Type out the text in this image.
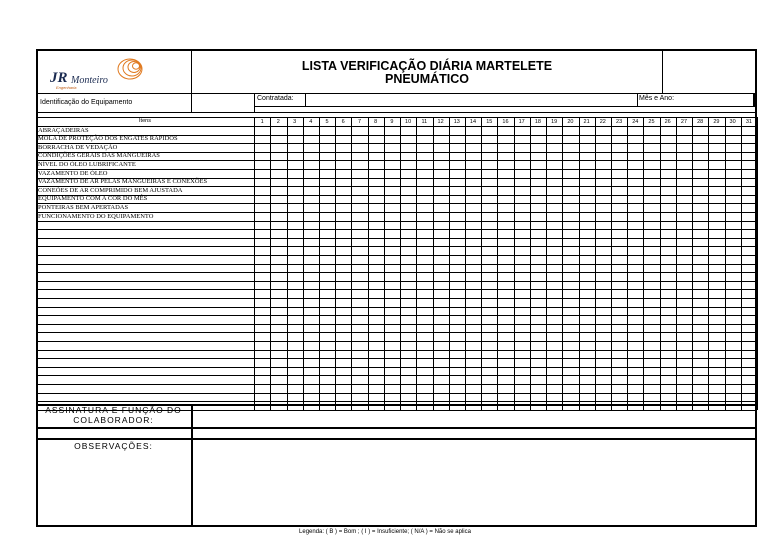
JR Monteiro
Engenharia
LISTA VERIFICAÇÃO DIÁRIA MARTELETE
PNEUMÁTICO
Identificação do Equipamento
Contratada:	Mês e Ano:
Itens	1	2	3	4	5	6	7	8	9	10	11	12	13	14	15	16	17	18	19	20	21	22	23	24	25	26	27	28	29	30	31
ABRAÇADEIRAS
MOLA DE PROTEÇÃO DOS ENGATES RAPIDOS
BORRACHA DE VEDAÇÃO
CONDIÇÕES GERAIS DAS MANGUEIRAS
NÍVEL DO ÓLEO LUBRIFICANTE
VAZAMENTO DE ÓLEO
VAZAMENTO DE AR PELAS MANGUEIRAS E CONEXÕES
CONEÕES DE AR COMPRIMIDO BEM AJUSTADA
EQUIPAMENTO COM A COR DO MÊS
PONTEIRAS BEM APERTADAS
FUNCIONAMENTO DO EQUIPAMENTO
ASSINATURA E FUNÇÃO DO
COLABORADOR:
OBSERVAÇÕES:
Legenda: ( B ) = Bom ; ( I ) = Insuficiente; ( N/A ) = Não se aplica
